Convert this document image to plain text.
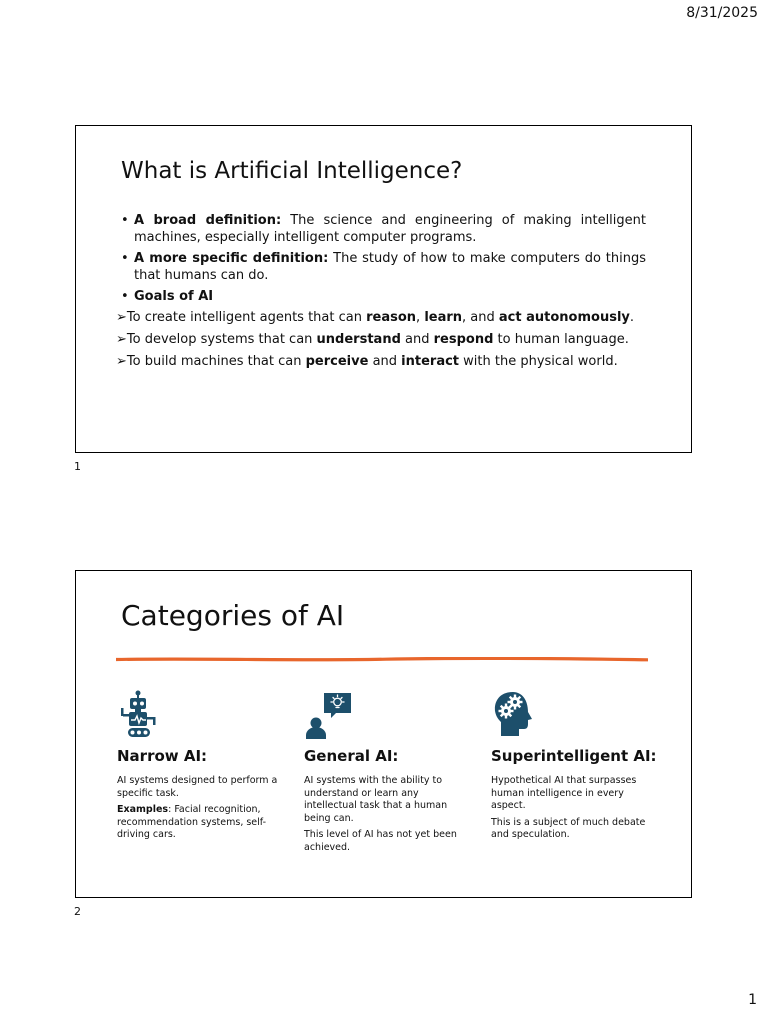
8/31/2025
What is Artificial Intelligence?
• A broad definition: The science and engineering of making intelligent machines, especially intelligent computer programs.
• A more specific definition: The study of how to make computers do things that humans can do.
• Goals of AI
➢To create intelligent agents that can reason, learn, and act autonomously.
➢To develop systems that can understand and respond to human language.
➢To build machines that can perceive and interact with the physical world.
1
Categories of AI
Narrow AI:

AI systems designed to perform a specific task.

Examples: Facial recognition, recommendation systems, self-driving cars.

General AI:

AI systems with the ability to understand or learn any intellectual task that a human being can.

This level of AI has not yet been achieved.

Superintelligent AI:

Hypothetical AI that surpasses human intelligence in every aspect.

This is a subject of much debate and speculation.

2
1
